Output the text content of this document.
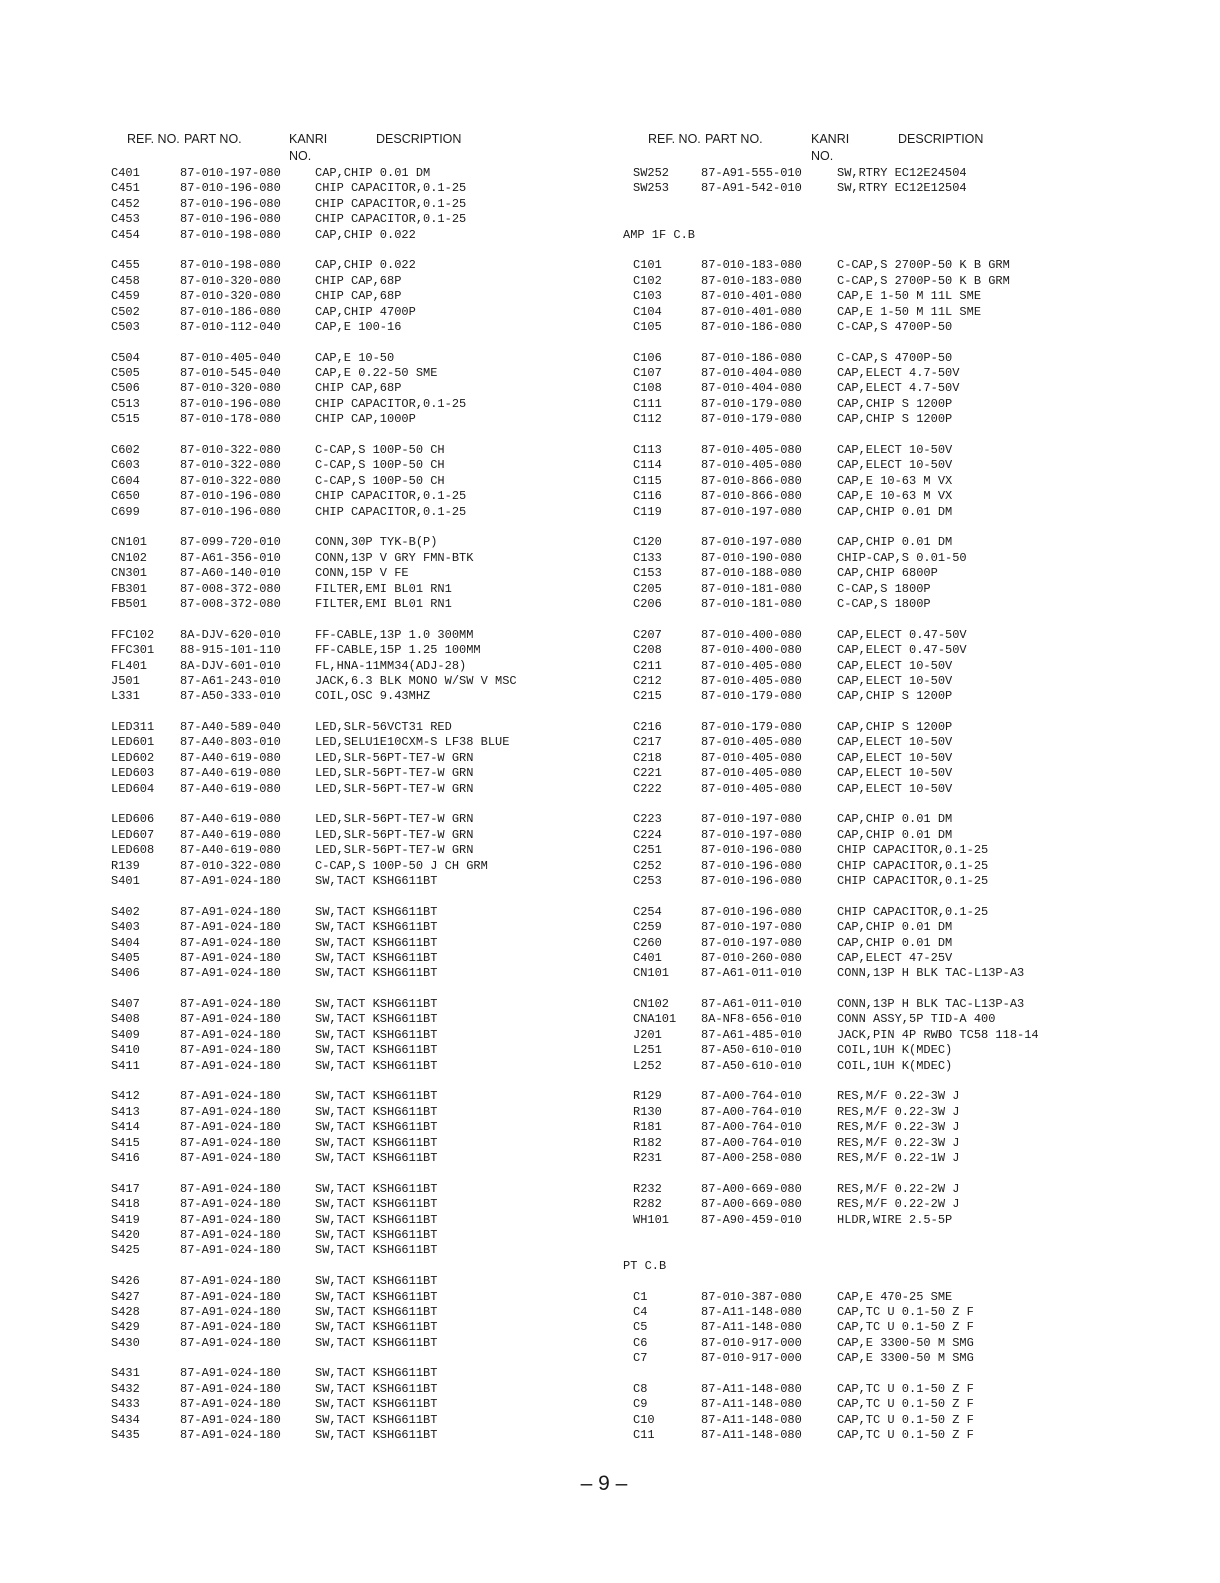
REF. NO. PART NO.	KANRI
NO.
DESCRIPTION
C401	87-010-197-080	CAP,CHIP 0.01 DM
C451	87-010-196-080	CHIP CAPACITOR,0.1-25
C452	87-010-196-080	CHIP CAPACITOR,0.1-25
C453	87-010-196-080	CHIP CAPACITOR,0.1-25
C454	87-010-198-080	CAP,CHIP 0.022
C455	87-010-198-080	CAP,CHIP 0.022
C458	87-010-320-080	CHIP CAP,68P
C459	87-010-320-080	CHIP CAP,68P
C502	87-010-186-080	CAP,CHIP 4700P
C503	87-010-112-040	CAP,E 100-16
C504	87-010-405-040	CAP,E 10-50
C505	87-010-545-040	CAP,E 0.22-50 SME
C506	87-010-320-080	CHIP CAP,68P
C513	87-010-196-080	CHIP CAPACITOR,0.1-25
C515	87-010-178-080	CHIP CAP,1000P
C602	87-010-322-080	C-CAP,S 100P-50 CH
C603	87-010-322-080	C-CAP,S 100P-50 CH
C604	87-010-322-080	C-CAP,S 100P-50 CH
C650	87-010-196-080	CHIP CAPACITOR,0.1-25
C699	87-010-196-080	CHIP CAPACITOR,0.1-25
CN101	87-099-720-010	CONN,30P TYK-B(P)
CN102	87-A61-356-010	CONN,13P V GRY FMN-BTK
CN301	87-A60-140-010	CONN,15P V FE
FB301	87-008-372-080	FILTER,EMI BL01 RN1
FB501	87-008-372-080	FILTER,EMI BL01 RN1
FFC102 8A-DJV-620-010	FF-CABLE,13P 1.0 300MM
FFC301 88-915-101-110	FF-CABLE,15P 1.25 100MM
FL401	8A-DJV-601-010	FL,HNA-11MM34(ADJ-28)
J501	87-A61-243-010	JACK,6.3 BLK MONO W/SW V MSC
L331	87-A50-333-010	COIL,OSC 9.43MHZ
LED311 87-A40-589-040	LED,SLR-56VCT31 RED
LED601 87-A40-803-010	LED,SELU1E10CXM-S LF38 BLUE
LED602 87-A40-619-080	LED,SLR-56PT-TE7-W GRN
LED603 87-A40-619-080	LED,SLR-56PT-TE7-W GRN
LED604 87-A40-619-080	LED,SLR-56PT-TE7-W GRN
LED606 87-A40-619-080	LED,SLR-56PT-TE7-W GRN
LED607 87-A40-619-080	LED,SLR-56PT-TE7-W GRN
LED608 87-A40-619-080	LED,SLR-56PT-TE7-W GRN
R139	87-010-322-080	C-CAP,S 100P-50 J CH GRM
S401	87-A91-024-180	SW,TACT KSHG611BT
S402	87-A91-024-180	SW,TACT KSHG611BT
S403	87-A91-024-180	SW,TACT KSHG611BT
S404	87-A91-024-180	SW,TACT KSHG611BT
S405	87-A91-024-180	SW,TACT KSHG611BT
S406	87-A91-024-180	SW,TACT KSHG611BT
S407	87-A91-024-180	SW,TACT KSHG611BT
S408	87-A91-024-180	SW,TACT KSHG611BT
S409	87-A91-024-180	SW,TACT KSHG611BT
S410	87-A91-024-180	SW,TACT KSHG611BT
S411	87-A91-024-180	SW,TACT KSHG611BT
S412	87-A91-024-180	SW,TACT KSHG611BT
S413	87-A91-024-180	SW,TACT KSHG611BT
S414	87-A91-024-180	SW,TACT KSHG611BT
S415	87-A91-024-180	SW,TACT KSHG611BT
S416	87-A91-024-180	SW,TACT KSHG611BT
S417	87-A91-024-180	SW,TACT KSHG611BT
S418	87-A91-024-180	SW,TACT KSHG611BT
S419	87-A91-024-180	SW,TACT KSHG611BT
S420	87-A91-024-180	SW,TACT KSHG611BT
S425	87-A91-024-180	SW,TACT KSHG611BT
S426	87-A91-024-180	SW,TACT KSHG611BT
S427	87-A91-024-180	SW,TACT KSHG611BT
S428	87-A91-024-180	SW,TACT KSHG611BT
S429	87-A91-024-180	SW,TACT KSHG611BT
S430	87-A91-024-180	SW,TACT KSHG611BT
S431	87-A91-024-180	SW,TACT KSHG611BT
S432	87-A91-024-180	SW,TACT KSHG611BT
S433	87-A91-024-180	SW,TACT KSHG611BT
S434	87-A91-024-180	SW,TACT KSHG611BT
S435	87-A91-024-180	SW,TACT KSHG611BT
REF. NO. PART NO.	KANRI
NO.
DESCRIPTION
SW252	87-A91-555-010	SW,RTRY EC12E24504
SW253	87-A91-542-010	SW,RTRY EC12E12504
AMP 1F C.B
C101	87-010-183-080	C-CAP,S 2700P-50 K B GRM
C102	87-010-183-080	C-CAP,S 2700P-50 K B GRM
C103	87-010-401-080	CAP,E 1-50 M 11L SME
C104	87-010-401-080	CAP,E 1-50 M 11L SME
C105	87-010-186-080	C-CAP,S 4700P-50
C106	87-010-186-080	C-CAP,S 4700P-50
C107	87-010-404-080	CAP,ELECT 4.7-50V
C108	87-010-404-080	CAP,ELECT 4.7-50V
C111	87-010-179-080	CAP,CHIP S 1200P
C112	87-010-179-080	CAP,CHIP S 1200P
C113	87-010-405-080	CAP,ELECT 10-50V
C114	87-010-405-080	CAP,ELECT 10-50V
C115	87-010-866-080	CAP,E 10-63 M VX
C116	87-010-866-080	CAP,E 10-63 M VX
C119	87-010-197-080	CAP,CHIP 0.01 DM
C120	87-010-197-080	CAP,CHIP 0.01 DM
C133	87-010-190-080	CHIP-CAP,S 0.01-50
C153	87-010-188-080	CAP,CHIP 6800P
C205	87-010-181-080	C-CAP,S 1800P
C206	87-010-181-080	C-CAP,S 1800P
C207	87-010-400-080	CAP,ELECT 0.47-50V
C208	87-010-400-080	CAP,ELECT 0.47-50V
C211	87-010-405-080	CAP,ELECT 10-50V
C212	87-010-405-080	CAP,ELECT 10-50V
C215	87-010-179-080	CAP,CHIP S 1200P
C216	87-010-179-080	CAP,CHIP S 1200P
C217	87-010-405-080	CAP,ELECT 10-50V
C218	87-010-405-080	CAP,ELECT 10-50V
C221	87-010-405-080	CAP,ELECT 10-50V
C222	87-010-405-080	CAP,ELECT 10-50V
C223	87-010-197-080	CAP,CHIP 0.01 DM
C224	87-010-197-080	CAP,CHIP 0.01 DM
C251	87-010-196-080	CHIP CAPACITOR,0.1-25
C252	87-010-196-080	CHIP CAPACITOR,0.1-25
C253	87-010-196-080	CHIP CAPACITOR,0.1-25
C254	87-010-196-080	CHIP CAPACITOR,0.1-25
C259	87-010-197-080	CAP,CHIP 0.01 DM
C260	87-010-197-080	CAP,CHIP 0.01 DM
C401	87-010-260-080	CAP,ELECT 47-25V
CN101	87-A61-011-010	CONN,13P H BLK TAC-L13P-A3
CN102	87-A61-011-010	CONN,13P H BLK TAC-L13P-A3
CNA101 8A-NF8-656-010	CONN ASSY,5P TID-A 400
J201	87-A61-485-010	JACK,PIN 4P RWBO TC58 118-14
L251	87-A50-610-010	COIL,1UH K(MDEC)
L252	87-A50-610-010	COIL,1UH K(MDEC)
R129	87-A00-764-010	RES,M/F 0.22-3W J
R130	87-A00-764-010	RES,M/F 0.22-3W J
R181	87-A00-764-010	RES,M/F 0.22-3W J
R182	87-A00-764-010	RES,M/F 0.22-3W J
R231	87-A00-258-080	RES,M/F 0.22-1W J
R232	87-A00-669-080	RES,M/F 0.22-2W J
R282	87-A00-669-080	RES,M/F 0.22-2W J
WH101	87-A90-459-010	HLDR,WIRE 2.5-5P
PT C.B
C1	87-010-387-080	CAP,E 470-25 SME
C4	87-A11-148-080	CAP,TC U 0.1-50 Z F
C5	87-A11-148-080	CAP,TC U 0.1-50 Z F
C6	87-010-917-000	CAP,E 3300-50 M SMG
C7	87-010-917-000	CAP,E 3300-50 M SMG
C8	87-A11-148-080	CAP,TC U 0.1-50 Z F
C9	87-A11-148-080	CAP,TC U 0.1-50 Z F
C10	87-A11-148-080	CAP,TC U 0.1-50 Z F
C11	87-A11-148-080	CAP,TC U 0.1-50 Z F
– 9 –
